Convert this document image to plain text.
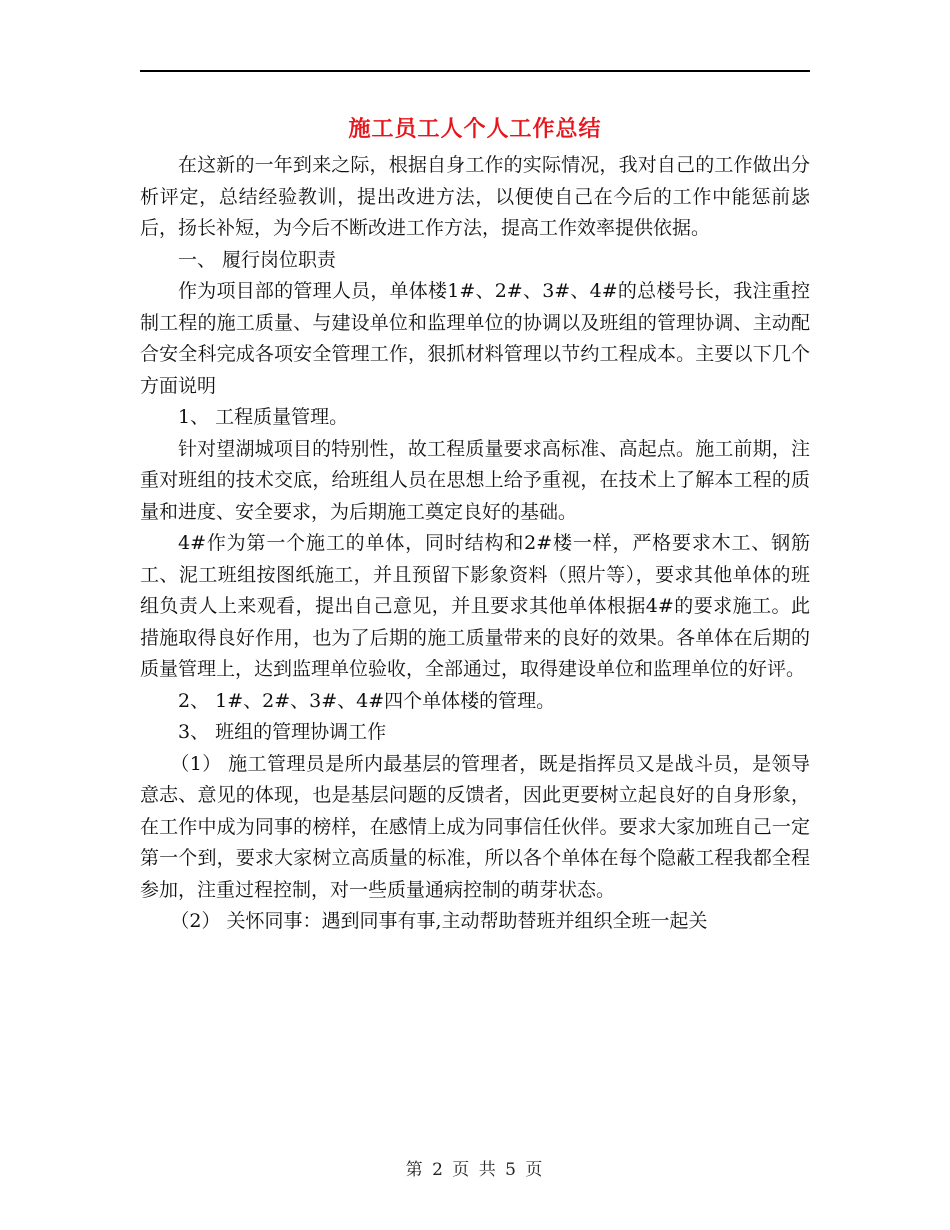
施工员工人个人工作总结

在这新的一年到来之际，根据自身工作的实际情况，我对自己的工作做出分析评定，总结经验教训，提出改进方法，以便使自己在今后的工作中能惩前毖后，扬长补短，为今后不断改进工作方法，提高工作效率提供依据。

一、 履行岗位职责

作为项目部的管理人员，单体楼1#、2#、3#、4#的总楼号长，我注重控制工程的施工质量、与建设单位和监理单位的协调以及班组的管理协调、主动配合安全科完成各项安全管理工作，狠抓材料管理以节约工程成本。主要以下几个方面说明

1、 工程质量管理。

针对望湖城项目的特别性，故工程质量要求高标准、高起点。施工前期，注重对班组的技术交底，给班组人员在思想上给予重视，在技术上了解本工程的质量和进度、安全要求，为后期施工奠定良好的基础。

4#作为第一个施工的单体，同时结构和2#楼一样，严格要求木工、钢筋工、泥工班组按图纸施工，并且预留下影象资料（照片等），要求其他单体的班组负责人上来观看，提出自己意见，并且要求其他单体根据4#的要求施工。此措施取得良好作用，也为了后期的施工质量带来的良好的效果。各单体在后期的质量管理上，达到监理单位验收，全部通过，取得建设单位和监理单位的好评。

2、 1#、2#、3#、4#四个单体楼的管理。

3、 班组的管理协调工作

（1） 施工管理员是所内最基层的管理者，既是指挥员又是战斗员，是领导意志、意见的体现，也是基层问题的反馈者，因此更要树立起良好的自身形象，在工作中成为同事的榜样，在感情上成为同事信任伙伴。要求大家加班自己一定第一个到，要求大家树立高质量的标准，所以各个单体在每个隐蔽工程我都全程参加，注重过程控制，对一些质量通病控制的萌芽状态。

（2） 关怀同事：遇到同事有事,主动帮助替班并组织全班一起关

第 2 页 共 5 页
